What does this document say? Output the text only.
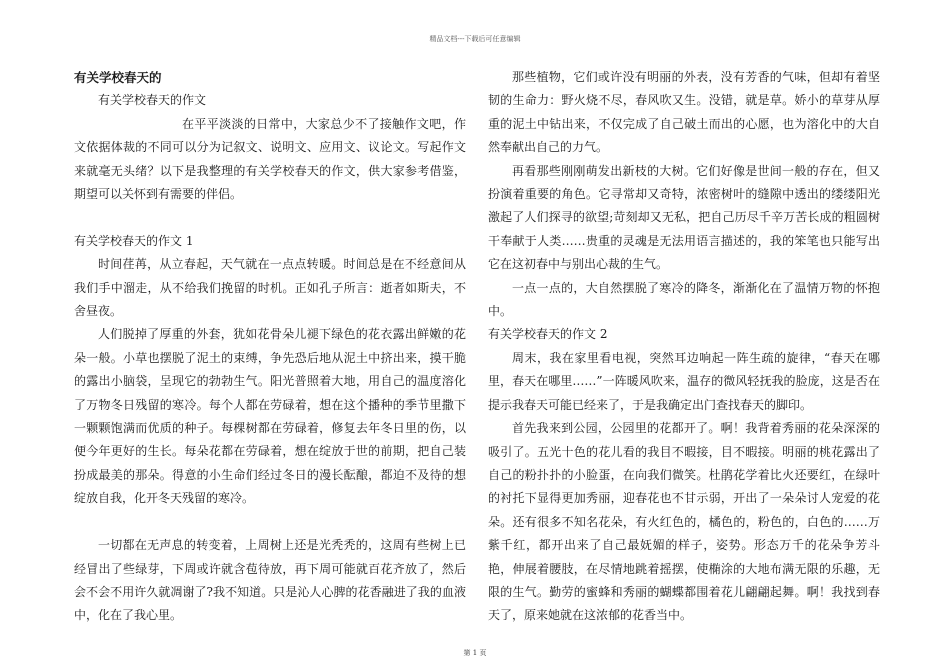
精品文档---下载后可任意编辑

有关学校春天的

有关学校春天的作文

在平平淡淡的日常中，大家总少不了接触作文吧，作文依据体裁的不同可以分为记叙文、说明文、应用文、议论文。写起作文来就毫无头绪？以下是我整理的有关学校春天的作文，供大家参考借鉴，期望可以关怀到有需要的伴侣。

有关学校春天的作文 1

时间荏苒，从立春起，天气就在一点点转暖。时间总是在不经意间从我们手中溜走，从不给我们挽留的时机。正如孔子所言：逝者如斯夫，不舍昼夜。

人们脱掉了厚重的外套，犹如花骨朵儿褪下绿色的花衣露出鲜嫩的花朵一般。小草也摆脱了泥土的束缚，争先恐后地从泥土中挤出来，摸干脆的露出小脑袋，呈现它的勃勃生气。阳光普照着大地，用自己的温度溶化了万物冬日残留的寒冷。每个人都在劳碌着，想在这个播种的季节里撒下一颗颗饱满而优质的种子。每棵树都在劳碌着，修复去年冬日里的伤，以便今年更好的生长。每朵花都在劳碌着，想在绽放于世的前期，把自己装扮成最美的那朵。得意的小生命们经过冬日的漫长酝酿，都迫不及待的想绽放自我，化开冬天残留的寒冷。

一切都在无声息的转变着，上周树上还是光秃秃的，这周有些树上已经冒出了些绿芽，下周或许就含苞待放，再下周可能就百花齐放了，然后会不会不用许久就凋谢了?我不知道。只是沁人心脾的花香融进了我的血液中，化在了我心里。

那些植物，它们或许没有明丽的外表，没有芳香的气味，但却有着坚韧的生命力：野火烧不尽，春风吹又生。没错，就是草。娇小的草芽从厚重的泥土中钻出来，不仅完成了自己破土而出的心愿，也为溶化中的大自然奉献出自己的力气。

再看那些刚刚萌发出新枝的大树。它们好像是世间一般的存在，但又扮演着重要的角色。它寻常却又奇特，浓密树叶的缝隙中透出的缕缕阳光激起了人们探寻的欲望;苛刻却又无私，把自己历尽千辛万苦长成的粗圆树干奉献于人类……贵重的灵魂是无法用语言描述的，我的笨笔也只能写出它在这初春中与别出心裁的生气。

一点一点的，大自然摆脱了寒冷的降冬，渐渐化在了温情万物的怀抱中。

有关学校春天的作文 2

周末，我在家里看电视，突然耳边响起一阵生疏的旋律，“春天在哪里，春天在哪里……”一阵暖风吹来，温存的微风轻抚我的脸庞，这是否在提示我春天可能已经来了，于是我确定出门查找春天的脚印。

首先我来到公园，公园里的花都开了。啊！我背着秀丽的花朵深深的吸引了。五光十色的花儿看的我目不暇接，目不暇接。明丽的桃花露出了自己的粉扑扑的小脸蛋，在向我们微笑。杜鹃花学着比火还要红，在绿叶的衬托下显得更加秀丽，迎春花也不甘示弱，开出了一朵朵讨人宠爱的花朵。还有很多不知名花朵，有火红色的，橘色的，粉色的，白色的……万紫千红，都开出来了自己最妩媚的样子，姿势。形态万千的花朵争芳斗艳，伸展着腰肢，在尽情地跳着摇摆，使椭涂的大地布满无限的乐趣，无限的生气。勤劳的蜜蜂和秀丽的蝴蝶都围着花儿翩翩起舞。啊！我找到春天了，原来她就在这浓郁的花香当中。

第 1 页
